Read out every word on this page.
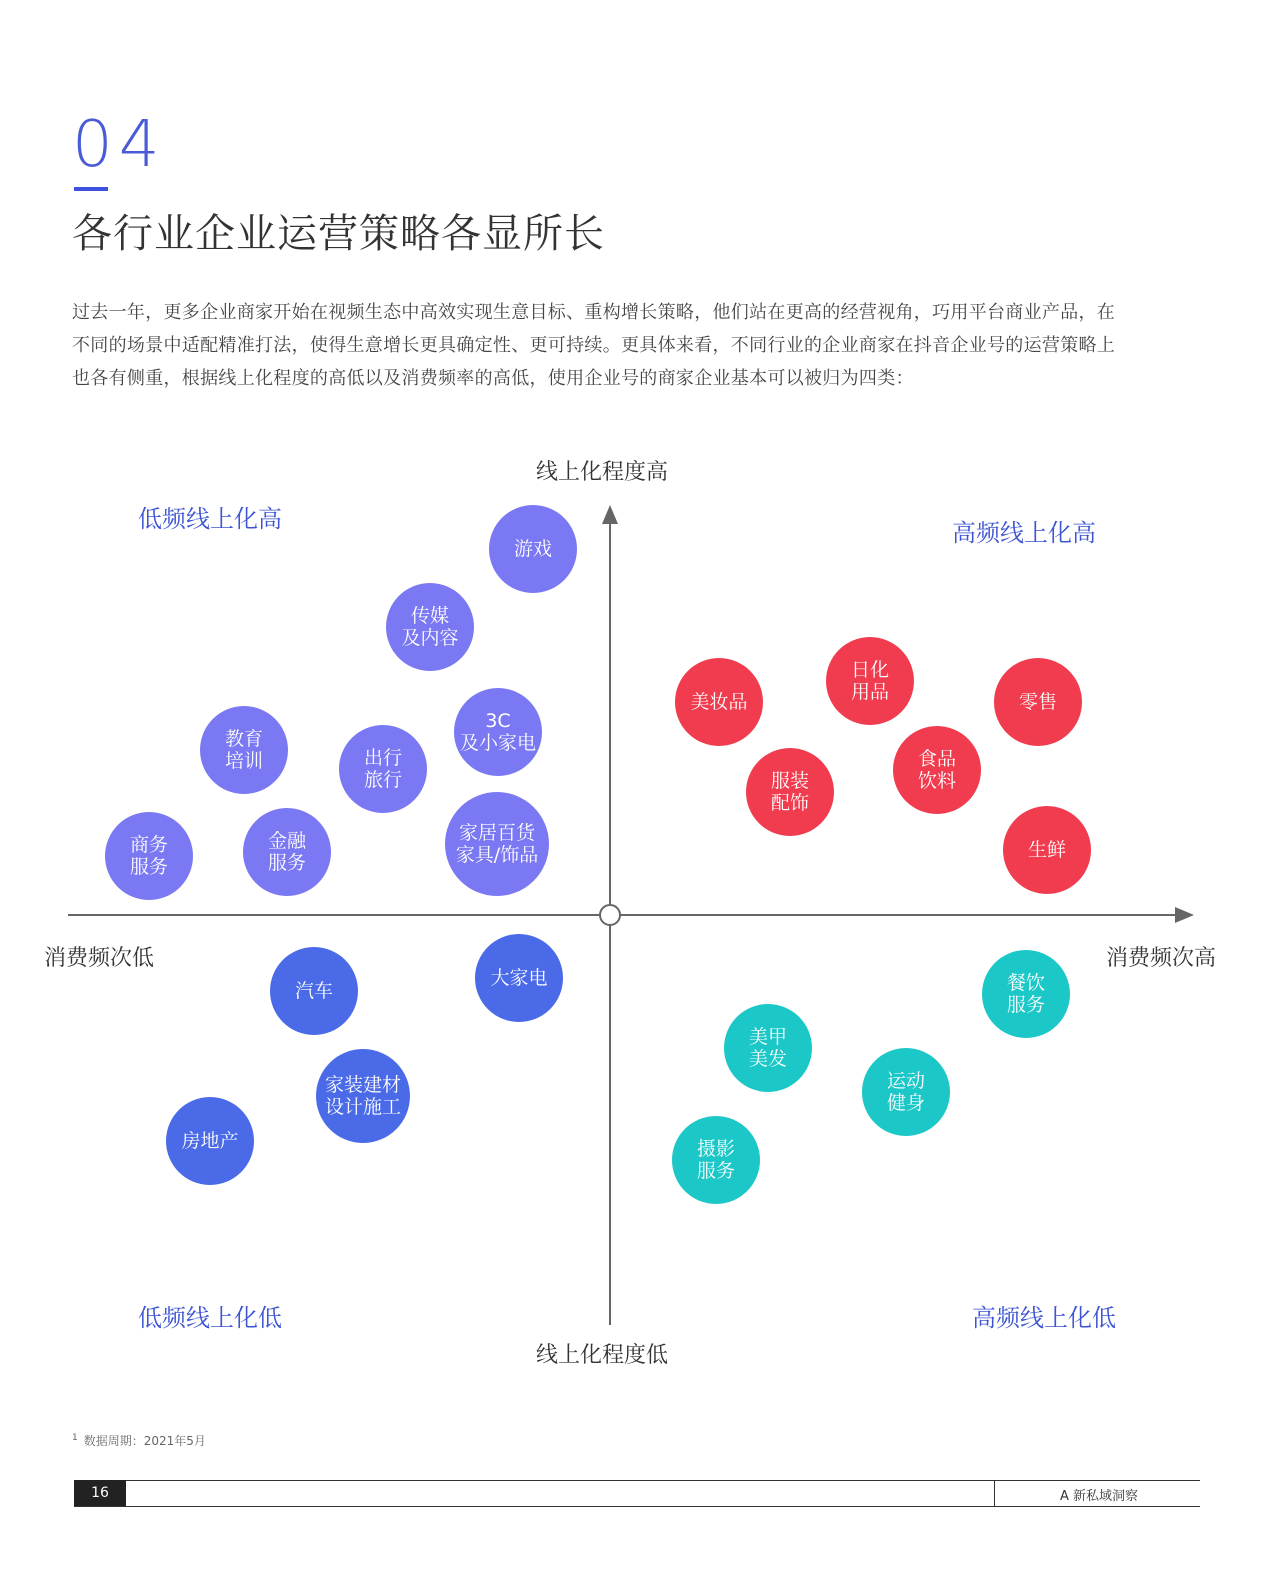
04
各行业企业运营策略各显所长

过去一年，更多企业商家开始在视频生态中高效实现生意目标、重构增长策略，他们站在更高的经营视角，巧用平台商业产品，在

不同的场景中适配精准打法，使得生意增长更具确定性、更可持续。更具体来看，不同行业的企业商家在抖音企业号的运营策略上

也各有侧重，根据线上化程度的高低以及消费频率的高低，使用企业号的商家企业基本可以被归为四类：

线上化程度高
线上化程度低
消费频次低	消费频次高
低频线上化高	高频线上化高
低频线上化低	高频线上化低
游戏
传媒
及内容
3C
及小家电
教育
培训	出行
旅行
商务
服务
金融
服务
家居百货
家具/饰品
美妆品
日化
用品	零售
服装
配饰
食品
饮料
生鲜
大家电
汽车
家装建材
设计施工
房地产
餐饮
服务
美甲
美发
运动
健身
摄影
服务
$^1$ 数据周期：2021年5月
16	A 新私域洞察
